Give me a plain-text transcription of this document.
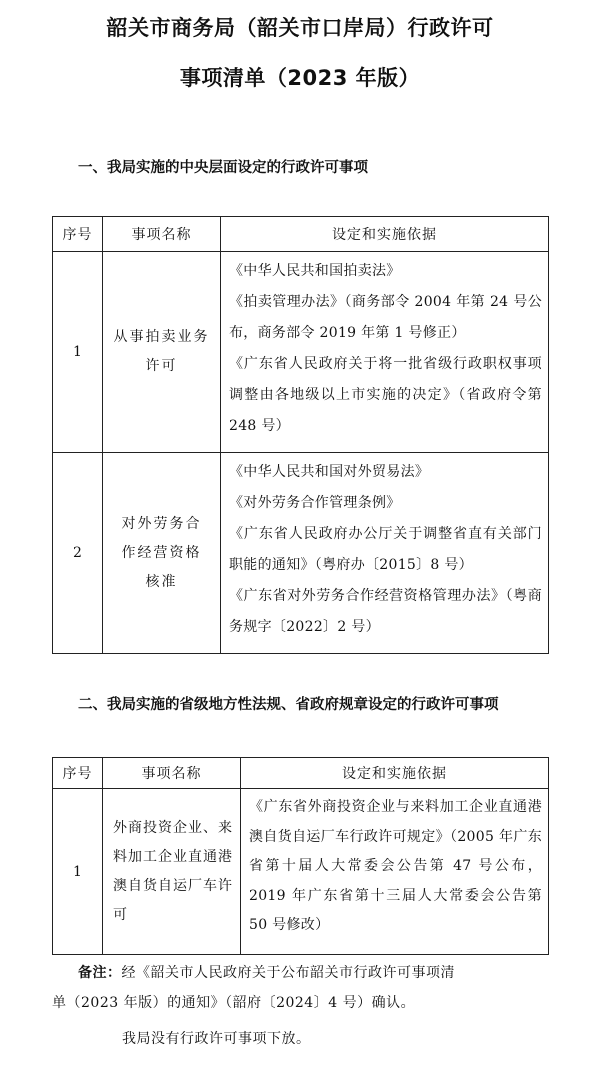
韶关市商务局（韶关市口岸局）行政许可
事项清单（2023 年版）
一、我局实施的中央层面设定的行政许可事项
序号	事项名称	设定和实施依据
1	从事拍卖业务许可	《中华人民共和国拍卖法》
《拍卖管理办法》（商务部令 2004 年第 24 号公布，商务部令 2019 年第 1 号修正）
《广东省人民政府关于将一批省级行政职权事项调整由各地级以上市实施的决定》（省政府令第 248 号）

2	对外劳务合作经营资格核准	《中华人民共和国对外贸易法》
《对外劳务合作管理条例》
《广东省人民政府办公厅关于调整省直有关部门职能的通知》（粤府办〔2015〕8 号）
《广东省对外劳务合作经营资格管理办法》（粤商务规字〔2022〕2 号）
二、我局实施的省级地方性法规、省政府规章设定的行政许可事项
序号	事项名称	设定和实施依据
1	外商投资企业、来料加工企业直通港澳自货自运厂车许可	《广东省外商投资企业与来料加工企业直通港澳自货自运厂车行政许可规定》（2005 年广东省第十届人大常委会公告第 47 号公布，2019 年广东省第十三届人大常委会公告第 50 号修改）
备注：经《韶关市人民政府关于公布韶关市行政许可事项清
单（2023 年版）的通知》（韶府〔2024〕4 号）确认。
我局没有行政许可事项下放。
